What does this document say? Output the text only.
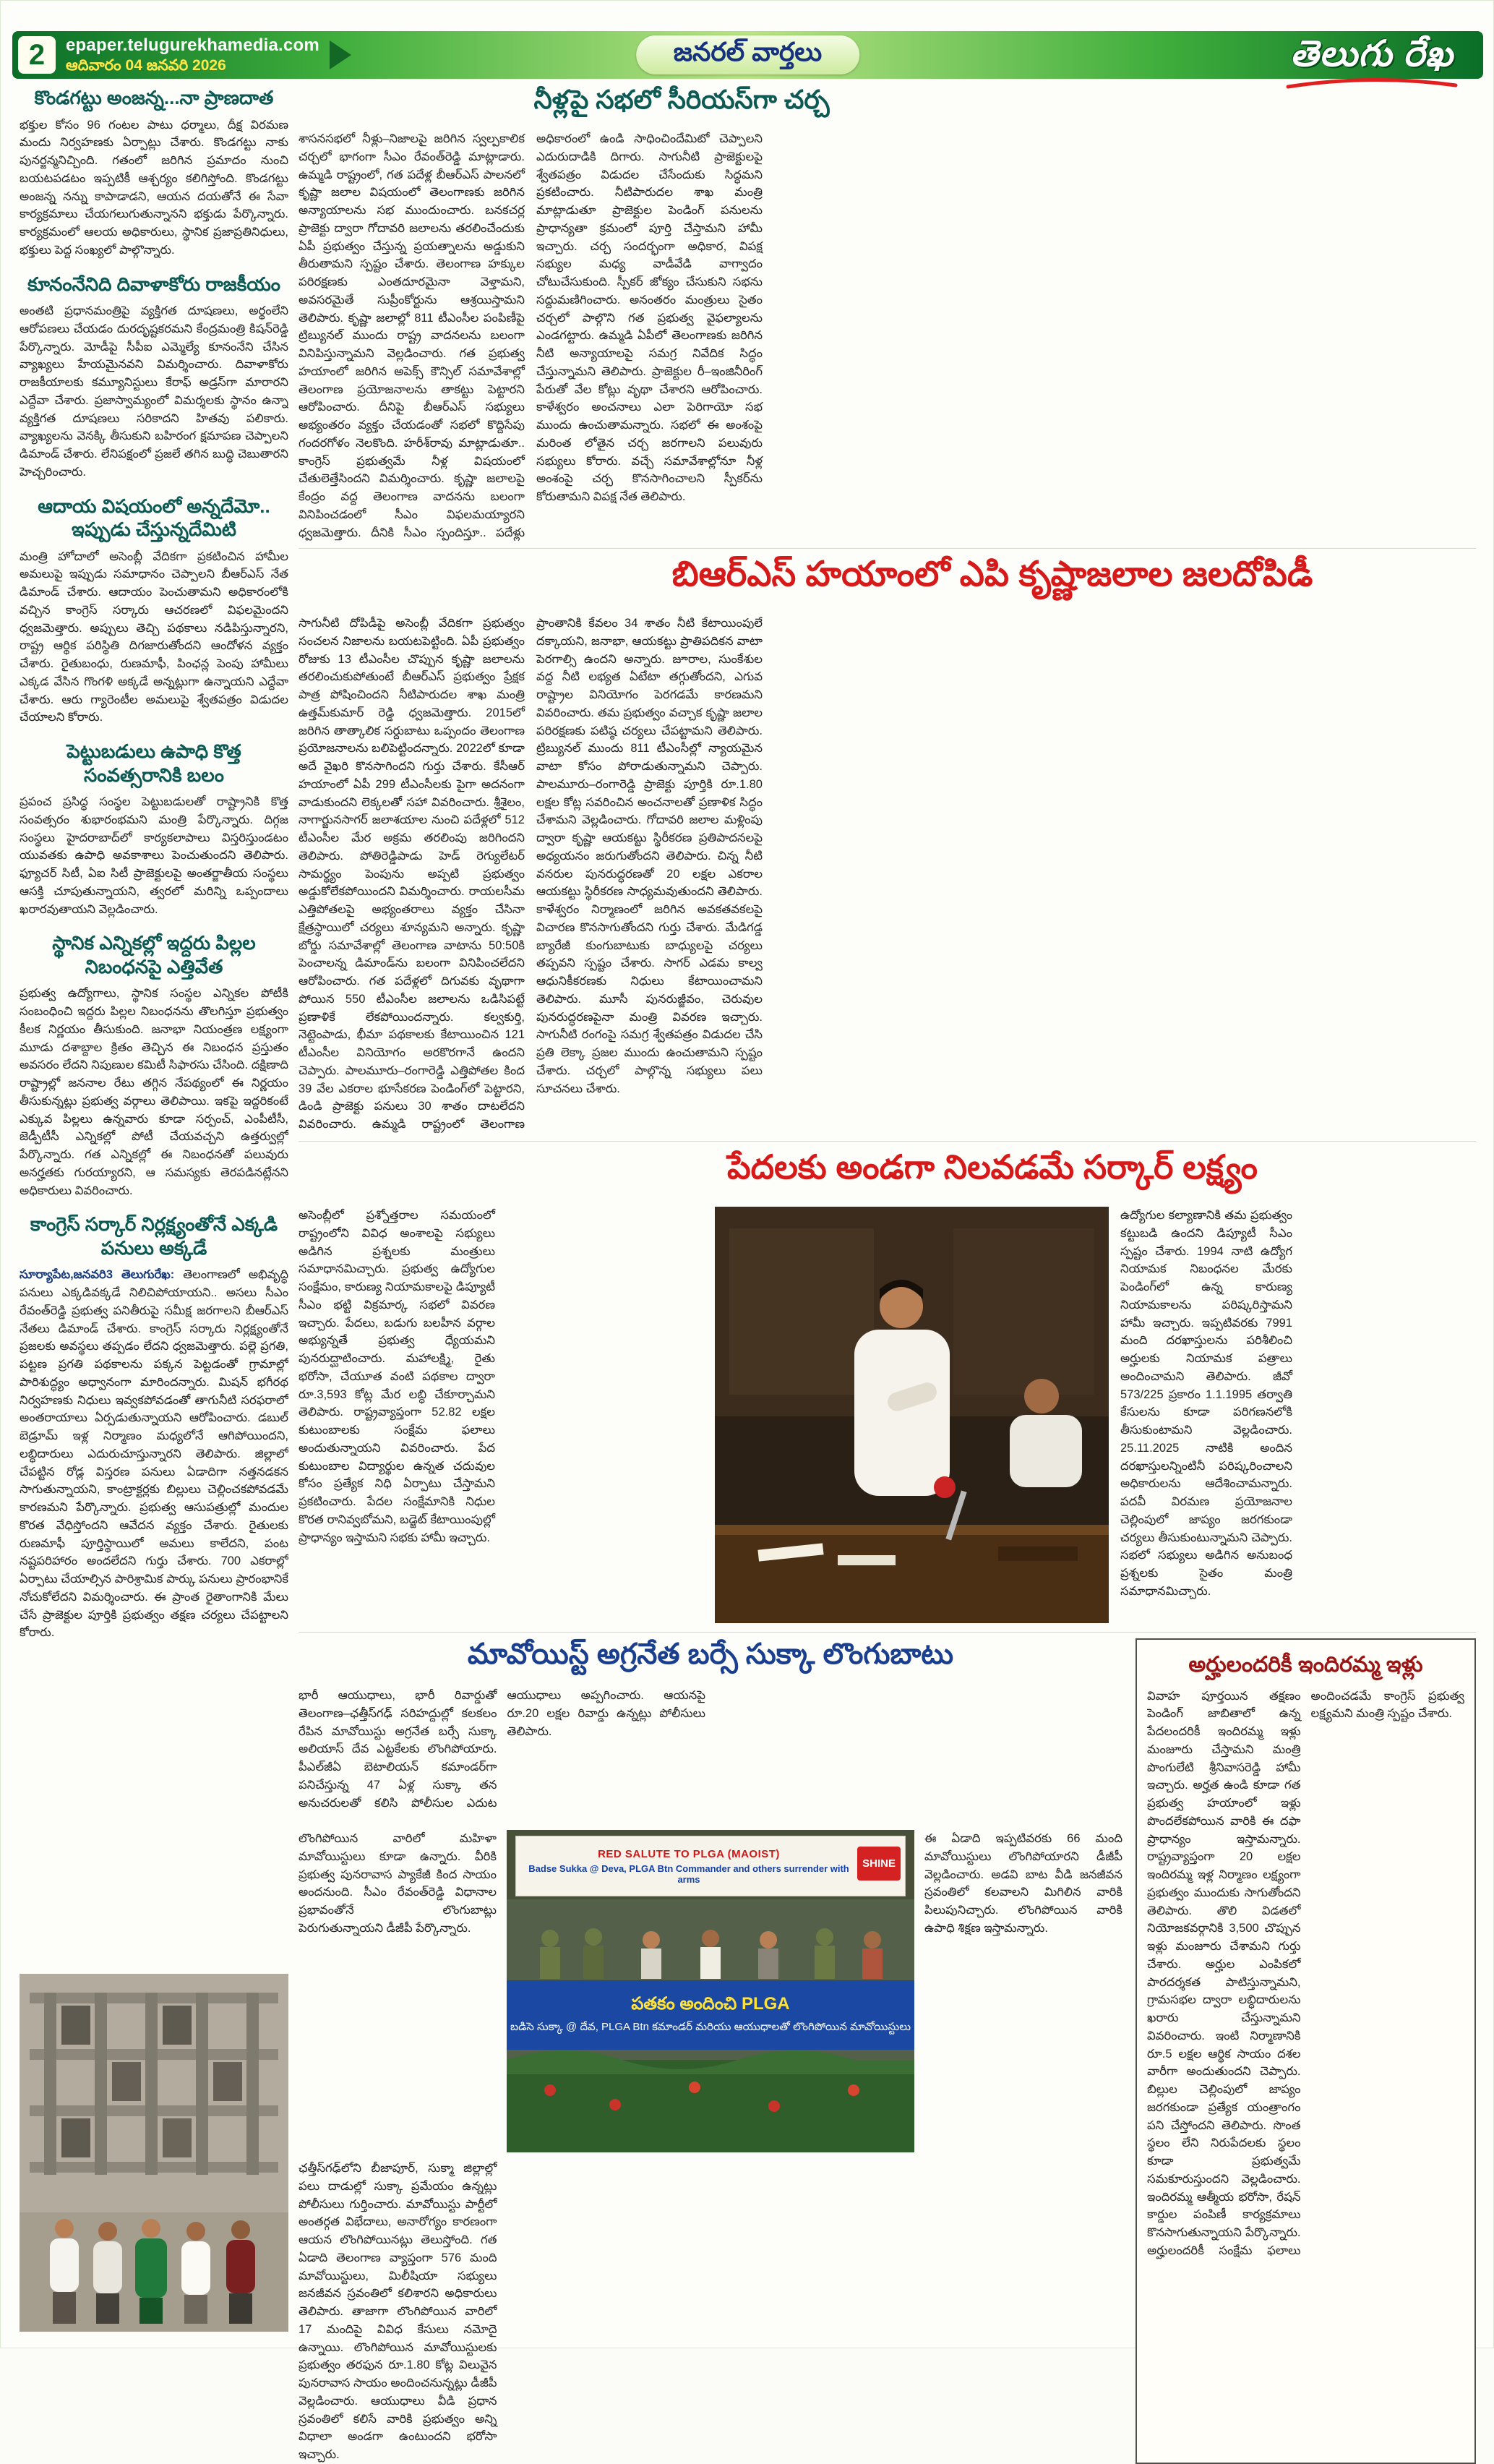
2	epaper.telugurekhamedia.com
ఆదివారం 04 జనవరి 2026	జనరల్ వార్తలు	తెలుగు రేఖ
కొండగట్టు అంజన్న...నా ప్రాణదాత
భక్తుల కోసం 96 గంటల పాటు ధర్మాలు, దీక్ష విరమణ మందు నిర్వహణకు ఏర్పాట్లు చేశారు. కొండగట్టు నాకు పునర్జన్మనిచ్చింది. గతంలో జరిగిన ప్రమాదం నుంచి బయటపడటం ఇప్పటికీ ఆశ్చర్యం కలిగిస్తోంది. కొండగట్టు అంజన్న నన్ను కాపాడాడని, ఆయన దయతోనే ఈ సేవా కార్యక్రమాలు చేయగలుగుతున్నానని భక్తుడు పేర్కొన్నారు. కార్యక్రమంలో ఆలయ అధికారులు, స్థానిక ప్రజాప్రతినిధులు, భక్తులు పెద్ద సంఖ్యలో పాల్గొన్నారు.
కూనంనేనిది దివాళాకోరు రాజకీయం
అంతటి ప్రధానమంత్రిపై వ్యక్తిగత దూషణలు, అర్థంలేని ఆరోపణలు చేయడం దురదృష్టకరమని కేంద్రమంత్రి కిషన్‌రెడ్డి పేర్కొన్నారు. మోడీపై సీపీఐ ఎమ్మెల్యే కూనంనేని చేసిన వ్యాఖ్యలు హేయమైనవని విమర్శించారు. దివాళాకోరు రాజకీయాలకు కమ్యూనిస్టులు కేరాఫ్ అడ్రస్‌గా మారారని ఎద్దేవా చేశారు. ప్రజాస్వామ్యంలో విమర్శలకు స్థానం ఉన్నా వ్యక్తిగత దూషణలు సరికాదని హితవు పలికారు. వ్యాఖ్యలను వెనక్కి తీసుకుని బహిరంగ క్షమాపణ చెప్పాలని డిమాండ్ చేశారు. లేనిపక్షంలో ప్రజలే తగిన బుద్ధి చెబుతారని హెచ్చరించారు.
ఆదాయ విషయంలో అన్నదేమో.. ఇప్పుడు చేస్తున్నదేమిటి
మంత్రి హోదాలో అసెంబ్లీ వేదికగా ప్రకటించిన హామీల అమలుపై ఇప్పుడు సమాధానం చెప్పాలని బీఆర్ఎస్ నేత డిమాండ్ చేశారు. ఆదాయం పెంచుతామని అధికారంలోకి వచ్చిన కాంగ్రెస్ సర్కారు ఆచరణలో విఫలమైందని ధ్వజమెత్తారు. అప్పులు తెచ్చి పథకాలు నడిపిస్తున్నారని, రాష్ట్ర ఆర్థిక పరిస్థితి దిగజారుతోందని ఆందోళన వ్యక్తం చేశారు. రైతుబంధు, రుణమాఫీ, పింఛన్ల పెంపు హామీలు ఎక్కడ వేసిన గొంగళి అక్కడే అన్నట్లుగా ఉన్నాయని ఎద్దేవా చేశారు. ఆరు గ్యారెంటీల అమలుపై శ్వేతపత్రం విడుదల చేయాలని కోరారు.
పెట్టుబడులు ఉపాధి కొత్త సంవత్సరానికి బలం
ప్రపంచ ప్రసిద్ధ సంస్థల పెట్టుబడులతో రాష్ట్రానికి కొత్త సంవత్సరం శుభారంభమని మంత్రి పేర్కొన్నారు. దిగ్గజ సంస్థలు హైదరాబాద్‌లో కార్యకలాపాలు విస్తరిస్తుండటం యువతకు ఉపాధి అవకాశాలు పెంచుతుందని తెలిపారు. ఫ్యూచర్ సిటీ, ఏఐ సిటీ ప్రాజెక్టులపై అంతర్జాతీయ సంస్థలు ఆసక్తి చూపుతున్నాయని, త్వరలో మరిన్ని ఒప్పందాలు ఖరారవుతాయని వెల్లడించారు.
స్థానిక ఎన్నికల్లో ఇద్దరు పిల్లల నిబంధనపై ఎత్తివేత
ప్రభుత్వ ఉద్యోగాలు, స్థానిక సంస్థల ఎన్నికల పోటీకి సంబంధించి ఇద్దరు పిల్లల నిబంధనను తొలగిస్తూ ప్రభుత్వం కీలక నిర్ణయం తీసుకుంది. జనాభా నియంత్రణ లక్ష్యంగా మూడు దశాబ్దాల క్రితం తెచ్చిన ఈ నిబంధన ప్రస్తుతం అవసరం లేదని నిపుణుల కమిటీ సిఫారసు చేసింది. దక్షిణాది రాష్ట్రాల్లో జననాల రేటు తగ్గిన నేపథ్యంలో ఈ నిర్ణయం తీసుకున్నట్లు ప్రభుత్వ వర్గాలు తెలిపాయి. ఇకపై ఇద్దరికంటే ఎక్కువ పిల్లలు ఉన్నవారు కూడా సర్పంచ్, ఎంపీటీసీ, జెడ్పీటీసీ ఎన్నికల్లో పోటీ చేయవచ్చని ఉత్తర్వుల్లో పేర్కొన్నారు. గత ఎన్నికల్లో ఈ నిబంధనతో పలువురు అనర్హతకు గురయ్యారని, ఆ సమస్యకు తెరపడినట్లేనని అధికారులు వివరించారు.
కాంగ్రెస్ సర్కార్ నిర్లక్ష్యంతోనే ఎక్కడి పనులు అక్కడే
సూర్యాపేట,జనవరి3 తెలుగురేఖ: తెలంగాణలో అభివృద్ధి పనులు ఎక్కడివక్కడే నిలిచిపోయాయని.. అసలు సీఎం రేవంత్‌రెడ్డి ప్రభుత్వ పనితీరుపై సమీక్ష జరగాలని బీఆర్ఎస్ నేతలు డిమాండ్ చేశారు. కాంగ్రెస్ సర్కారు నిర్లక్ష్యంతోనే ప్రజలకు అవస్థలు తప్పడం లేదని ధ్వజమెత్తారు. పల్లె ప్రగతి, పట్టణ ప్రగతి పథకాలను పక్కన పెట్టడంతో గ్రామాల్లో పారిశుద్ధ్యం అధ్వానంగా మారిందన్నారు. మిషన్ భగీరథ నిర్వహణకు నిధులు ఇవ్వకపోవడంతో తాగునీటి సరఫరాలో అంతరాయాలు ఏర్పడుతున్నాయని ఆరోపించారు. డబుల్ బెడ్రూమ్ ఇళ్ల నిర్మాణం మధ్యలోనే ఆగిపోయిందని, లబ్ధిదారులు ఎదురుచూస్తున్నారని తెలిపారు. జిల్లాలో చేపట్టిన రోడ్ల విస్తరణ పనులు ఏడాదిగా నత్తనడకన సాగుతున్నాయని, కాంట్రాక్టర్లకు బిల్లులు చెల్లించకపోవడమే కారణమని పేర్కొన్నారు. ప్రభుత్వ ఆసుపత్రుల్లో మందుల కొరత వేధిస్తోందని ఆవేదన వ్యక్తం చేశారు. రైతులకు రుణమాఫీ పూర్తిస్థాయిలో అమలు కాలేదని, పంట నష్టపరిహారం అందలేదని గుర్తు చేశారు. 700 ఎకరాల్లో ఏర్పాటు చేయాల్సిన పారిశ్రామిక పార్కు పనులు ప్రారంభానికే నోచుకోలేదని విమర్శించారు. ఈ ప్రాంత రైతాంగానికి మేలు చేసే ప్రాజెక్టుల పూర్తికి ప్రభుత్వం తక్షణ చర్యలు చేపట్టాలని కోరారు.
నీళ్లపై సభలో సీరియస్‌గా చర్చ
శాసనసభలో నీళ్లు–నిజాలపై జరిగిన స్వల్పకాలిక చర్చలో భాగంగా సీఎం రేవంత్‌రెడ్డి మాట్లాడారు. ఉమ్మడి రాష్ట్రంలో, గత పదేళ్ల బీఆర్ఎస్ పాలనలో కృష్ణా జలాల విషయంలో తెలంగాణకు జరిగిన అన్యాయాలను సభ ముందుంచారు. బనకచర్ల ప్రాజెక్టు ద్వారా గోదావరి జలాలను తరలించేందుకు ఏపీ ప్రభుత్వం చేస్తున్న ప్రయత్నాలను అడ్డుకుని తీరుతామని స్పష్టం చేశారు. తెలంగాణ హక్కుల పరిరక్షణకు ఎంతదూరమైనా వెళ్తామని, అవసరమైతే సుప్రీంకోర్టును ఆశ్రయిస్తామని తెలిపారు. కృష్ణా జలాల్లో 811 టీఎంసీల పంపిణీపై ట్రిబ్యునల్ ముందు రాష్ట్ర వాదనలను బలంగా వినిపిస్తున్నామని వెల్లడించారు. గత ప్రభుత్వ హయాంలో జరిగిన అపెక్స్ కౌన్సిల్ సమావేశాల్లో తెలంగాణ ప్రయోజనాలను తాకట్టు పెట్టారని ఆరోపించారు. దీనిపై బీఆర్ఎస్ సభ్యులు అభ్యంతరం వ్యక్తం చేయడంతో సభలో కొద్దిసేపు గందరగోళం నెలకొంది. హరీశ్‌రావు మాట్లాడుతూ.. కాంగ్రెస్ ప్రభుత్వమే నీళ్ల విషయంలో చేతులెత్తేసిందని విమర్శించారు. కృష్ణా జలాలపై కేంద్రం వద్ద తెలంగాణ వాదనను బలంగా వినిపించడంలో సీఎం విఫలమయ్యారని ధ్వజమెత్తారు. దీనికి సీఎం స్పందిస్తూ.. పదేళ్లు అధికారంలో ఉండి సాధించిందేమిటో చెప్పాలని ఎదురుదాడికి దిగారు. సాగునీటి ప్రాజెక్టులపై శ్వేతపత్రం విడుదల చేసేందుకు సిద్ధమని ప్రకటించారు. నీటిపారుదల శాఖ మంత్రి మాట్లాడుతూ ప్రాజెక్టుల పెండింగ్ పనులను ప్రాధాన్యతా క్రమంలో పూర్తి చేస్తామని హామీ ఇచ్చారు. చర్చ సందర్భంగా అధికార, విపక్ష సభ్యుల మధ్య వాడీవేడి వాగ్వాదం చోటుచేసుకుంది. స్పీకర్ జోక్యం చేసుకుని సభను సద్దుమణిగించారు. అనంతరం మంత్రులు సైతం చర్చలో పాల్గొని గత ప్రభుత్వ వైఫల్యాలను ఎండగట్టారు. ఉమ్మడి ఏపీలో తెలంగాణకు జరిగిన నీటి అన్యాయాలపై సమగ్ర నివేదిక సిద్ధం చేస్తున్నామని తెలిపారు. ప్రాజెక్టుల రీ–ఇంజినీరింగ్ పేరుతో వేల కోట్లు వృథా చేశారని ఆరోపించారు. కాళేశ్వరం అంచనాలు ఎలా పెరిగాయో సభ ముందు ఉంచుతామన్నారు. సభలో ఈ అంశంపై మరింత లోతైన చర్చ జరగాలని పలువురు సభ్యులు కోరారు. వచ్చే సమావేశాల్లోనూ నీళ్ల అంశంపై చర్చ కొనసాగించాలని స్పీకర్‌ను కోరుతామని విపక్ష నేత తెలిపారు.
బిఆర్ఎస్ హయాంలో ఎపి కృష్ణాజలాల జలదోపిడీ
సాగునీటి దోపిడీపై అసెంబ్లీ వేదికగా ప్రభుత్వం సంచలన నిజాలను బయటపెట్టింది. ఏపీ ప్రభుత్వం రోజుకు 13 టీఎంసీల చొప్పున కృష్ణా జలాలను తరలించుకుపోతుంటే బీఆర్ఎస్ ప్రభుత్వం ప్రేక్షక పాత్ర పోషించిందని నీటిపారుదల శాఖ మంత్రి ఉత్తమ్‌కుమార్ రెడ్డి ధ్వజమెత్తారు. 2015లో జరిగిన తాత్కాలిక సర్దుబాటు ఒప్పందం తెలంగాణ ప్రయోజనాలను బలిపెట్టిందన్నారు. 2022లో కూడా అదే వైఖరి కొనసాగిందని గుర్తు చేశారు. కేసీఆర్ హయాంలో ఏపీ 299 టీఎంసీలకు పైగా అదనంగా వాడుకుందని లెక్కలతో సహా వివరించారు. శ్రీశైలం, నాగార్జునసాగర్ జలాశయాల నుంచి పదేళ్లలో 512 టీఎంసీల మేర అక్రమ తరలింపు జరిగిందని తెలిపారు. పోతిరెడ్డిపాడు హెడ్ రెగ్యులేటర్ సామర్థ్యం పెంపును అప్పటి ప్రభుత్వం అడ్డుకోలేకపోయిందని విమర్శించారు. రాయలసీమ ఎత్తిపోతలపై అభ్యంతరాలు వ్యక్తం చేసినా క్షేత్రస్థాయిలో చర్యలు శూన్యమని అన్నారు. కృష్ణా బోర్డు సమావేశాల్లో తెలంగాణ వాటాను 50:50కి పెంచాలన్న డిమాండ్‌ను బలంగా వినిపించలేదని ఆరోపించారు. గత పదేళ్లలో దిగువకు వృథాగా పోయిన 550 టీఎంసీల జలాలను ఒడిసిపట్టే ప్రణాళికే లేకపోయిందన్నారు. కల్వకుర్తి, నెట్టెంపాడు, భీమా పథకాలకు కేటాయించిన 121 టీఎంసీల వినియోగం అరకొరగానే ఉందని చెప్పారు. పాలమూరు–రంగారెడ్డి ఎత్తిపోతల కింద 39 వేల ఎకరాల భూసేకరణ పెండింగ్‌లో పెట్టారని, డిండి ప్రాజెక్టు పనులు 30 శాతం దాటలేదని వివరించారు. ఉమ్మడి రాష్ట్రంలో తెలంగాణ ప్రాంతానికి కేవలం 34 శాతం నీటి కేటాయింపులే దక్కాయని, జనాభా, ఆయకట్టు ప్రాతిపదికన వాటా పెరగాల్సి ఉందని అన్నారు. జూరాల, సుంకేశుల వద్ద నీటి లభ్యత ఏటేటా తగ్గుతోందని, ఎగువ రాష్ట్రాల వినియోగం పెరగడమే కారణమని వివరించారు. తమ ప్రభుత్వం వచ్చాక కృష్ణా జలాల పరిరక్షణకు పటిష్ఠ చర్యలు చేపట్టామని తెలిపారు. ట్రిబ్యునల్ ముందు 811 టీఎంసీల్లో న్యాయమైన వాటా కోసం పోరాడుతున్నామని చెప్పారు. పాలమూరు–రంగారెడ్డి ప్రాజెక్టు పూర్తికి రూ.1.80 లక్షల కోట్ల సవరించిన అంచనాలతో ప్రణాళిక సిద్ధం చేశామని వెల్లడించారు. గోదావరి జలాల మళ్లింపు ద్వారా కృష్ణా ఆయకట్టు స్థిరీకరణ ప్రతిపాదనలపై అధ్యయనం జరుగుతోందని తెలిపారు. చిన్న నీటి వనరుల పునరుద్ధరణతో 20 లక్షల ఎకరాల ఆయకట్టు స్థిరీకరణ సాధ్యమవుతుందని తెలిపారు. కాళేశ్వరం నిర్మాణంలో జరిగిన అవకతవకలపై విచారణ కొనసాగుతోందని గుర్తు చేశారు. మేడిగడ్డ బ్యారేజీ కుంగుబాటుకు బాధ్యులపై చర్యలు తప్పవని స్పష్టం చేశారు. సాగర్ ఎడమ కాల్వ ఆధునికీకరణకు నిధులు కేటాయించామని తెలిపారు. మూసీ పునరుజ్జీవం, చెరువుల పునరుద్ధరణపైనా మంత్రి వివరణ ఇచ్చారు. సాగునీటి రంగంపై సమగ్ర శ్వేతపత్రం విడుదల చేసి ప్రతి లెక్కా ప్రజల ముందు ఉంచుతామని స్పష్టం చేశారు. చర్చలో పాల్గొన్న సభ్యులు పలు సూచనలు చేశారు.
పేదలకు అండగా నిలవడమే సర్కార్ లక్ష్యం
అసెంబ్లీలో ప్రశ్నోత్తరాల సమయంలో రాష్ట్రంలోని వివిధ అంశాలపై సభ్యులు అడిగిన ప్రశ్నలకు మంత్రులు సమాధానమిచ్చారు. ప్రభుత్వ ఉద్యోగుల సంక్షేమం, కారుణ్య నియామకాలపై డిప్యూటీ సీఎం భట్టి విక్రమార్క సభలో వివరణ ఇచ్చారు. పేదలు, బడుగు బలహీన వర్గాల అభ్యున్నతే ప్రభుత్వ ధ్యేయమని పునరుద్ఘాటించారు. మహాలక్ష్మి, రైతు భరోసా, చేయూత వంటి పథకాల ద్వారా రూ.3,593 కోట్ల మేర లబ్ధి చేకూర్చామని తెలిపారు. రాష్ట్రవ్యాప్తంగా 52.82 లక్షల కుటుంబాలకు సంక్షేమ ఫలాలు అందుతున్నాయని వివరించారు. పేద కుటుంబాల విద్యార్థుల ఉన్నత చదువుల కోసం ప్రత్యేక నిధి ఏర్పాటు చేస్తామని ప్రకటించారు. పేదల సంక్షేమానికి నిధుల కొరత రానివ్వబోమని, బడ్జెట్ కేటాయింపుల్లో ప్రాధాన్యం ఇస్తామని సభకు హామీ ఇచ్చారు.
ఉద్యోగుల కల్యాణానికి తమ ప్రభుత్వం కట్టుబడి ఉందని డిప్యూటీ సీఎం స్పష్టం చేశారు. 1994 నాటి ఉద్యోగ నియామక నిబంధనల మేరకు పెండింగ్‌లో ఉన్న కారుణ్య నియామకాలను పరిష్కరిస్తామని హామీ ఇచ్చారు. ఇప్పటివరకు 7991 మంది దరఖాస్తులను పరిశీలించి అర్హులకు నియామక పత్రాలు అందించామని తెలిపారు. జీవో 573/225 ప్రకారం 1.1.1995 తర్వాతి కేసులను కూడా పరిగణనలోకి తీసుకుంటామని వెల్లడించారు. 25.11.2025 నాటికి అందిన దరఖాస్తులన్నింటినీ పరిష్కరించాలని అధికారులను ఆదేశించామన్నారు. పదవీ విరమణ ప్రయోజనాల చెల్లింపులో జాప్యం జరగకుండా చర్యలు తీసుకుంటున్నామని చెప్పారు. సభలో సభ్యులు అడిగిన అనుబంధ ప్రశ్నలకు సైతం మంత్రి సమాధానమిచ్చారు.
మావోయిస్ట్ అగ్రనేత బర్సే సుక్కా లొంగుబాటు
భారీ ఆయుధాలు, భారీ రివార్డుతో తెలంగాణ–ఛత్తీస్‌గఢ్ సరిహద్దుల్లో కలకలం రేపిన మావోయిస్టు అగ్రనేత బర్సే సుక్కా అలియాస్ దేవ ఎట్టకేలకు లొంగిపోయారు. పీఎల్‌జీఏ బెటాలియన్ కమాండర్‌గా పనిచేస్తున్న 47 ఏళ్ల సుక్కా తన అనుచరులతో కలిసి పోలీసుల ఎదుట ఆయుధాలు అప్పగించారు. ఆయనపై రూ.20 లక్షల రివార్డు ఉన్నట్లు పోలీసులు తెలిపారు.
లొంగిపోయిన వారిలో మహిళా మావోయిస్టులు కూడా ఉన్నారు. వీరికి ప్రభుత్వ పునరావాస ప్యాకేజీ కింద సాయం అందనుంది. సీఎం రేవంత్‌రెడ్డి విధానాల ప్రభావంతోనే లొంగుబాట్లు పెరుగుతున్నాయని డీజీపీ పేర్కొన్నారు.
RED SALUTE TO PLGA (MAOIST)
Badse Sukka @ Deva, PLGA Btn Commander and others surrender with arms
SHINE
పతకం అందించి PLGA
బడిసె సుక్కా @ దేవ, PLGA Btn కమాండర్ మరియు ఆయుధాలతో లొంగిపోయిన మావోయిస్టులు
ఈ ఏడాది ఇప్పటివరకు 66 మంది మావోయిస్టులు లొంగిపోయారని డీజీపీ వెల్లడించారు. అడవి బాట వీడి జనజీవన స్రవంతిలో కలవాలని మిగిలిన వారికి పిలుపునిచ్చారు. లొంగిపోయిన వారికి ఉపాధి శిక్షణ ఇస్తామన్నారు.
ఛత్తీస్‌గఢ్‌లోని బీజాపూర్, సుక్మా జిల్లాల్లో పలు దాడుల్లో సుక్కా ప్రమేయం ఉన్నట్లు పోలీసులు గుర్తించారు. మావోయిస్టు పార్టీలో అంతర్గత విభేదాలు, అనారోగ్యం కారణంగా ఆయన లొంగిపోయినట్లు తెలుస్తోంది. గత ఏడాది తెలంగాణ వ్యాప్తంగా 576 మంది మావోయిస్టులు, మిలీషియా సభ్యులు జనజీవన స్రవంతిలో కలిశారని అధికారులు తెలిపారు. తాజాగా లొంగిపోయిన వారిలో 17 మందిపై వివిధ కేసులు నమోదై ఉన్నాయి. లొంగిపోయిన మావోయిస్టులకు ప్రభుత్వం తరఫున రూ.1.80 కోట్ల విలువైన పునరావాస సాయం అందించనున్నట్లు డీజీపీ వెల్లడించారు. ఆయుధాలు వీడి ప్రధాన స్రవంతిలో కలిసే వారికి ప్రభుత్వం అన్ని విధాలా అండగా ఉంటుందని భరోసా ఇచ్చారు.
అర్హులందరికీ ఇందిరమ్మ ఇళ్లు
వివాహ పూర్తయిన తక్షణం పెండింగ్ జాబితాలో ఉన్న పేదలందరికీ ఇందిరమ్మ ఇళ్లు మంజూరు చేస్తామని మంత్రి పొంగులేటి శ్రీనివాసరెడ్డి హామీ ఇచ్చారు. అర్హత ఉండి కూడా గత ప్రభుత్వ హయాంలో ఇళ్లు పొందలేకపోయిన వారికి ఈ దఫా ప్రాధాన్యం ఇస్తామన్నారు. రాష్ట్రవ్యాప్తంగా 20 లక్షల ఇందిరమ్మ ఇళ్ల నిర్మాణం లక్ష్యంగా ప్రభుత్వం ముందుకు సాగుతోందని తెలిపారు. తొలి విడతలో నియోజకవర్గానికి 3,500 చొప్పున ఇళ్లు మంజూరు చేశామని గుర్తు చేశారు. అర్హుల ఎంపికలో పారదర్శకత పాటిస్తున్నామని, గ్రామసభల ద్వారా లబ్ధిదారులను ఖరారు చేస్తున్నామని వివరించారు. ఇంటి నిర్మాణానికి రూ.5 లక్షల ఆర్థిక సాయం దశల వారీగా అందుతుందని చెప్పారు. బిల్లుల చెల్లింపులో జాప్యం జరగకుండా ప్రత్యేక యంత్రాంగం పని చేస్తోందని తెలిపారు. సొంత స్థలం లేని నిరుపేదలకు స్థలం కూడా ప్రభుత్వమే సమకూరుస్తుందని వెల్లడించారు. ఇందిరమ్మ ఆత్మీయ భరోసా, రేషన్ కార్డుల పంపిణీ కార్యక్రమాలు కొనసాగుతున్నాయని పేర్కొన్నారు. అర్హులందరికీ సంక్షేమ ఫలాలు అందించడమే కాంగ్రెస్ ప్రభుత్వ లక్ష్యమని మంత్రి స్పష్టం చేశారు.
